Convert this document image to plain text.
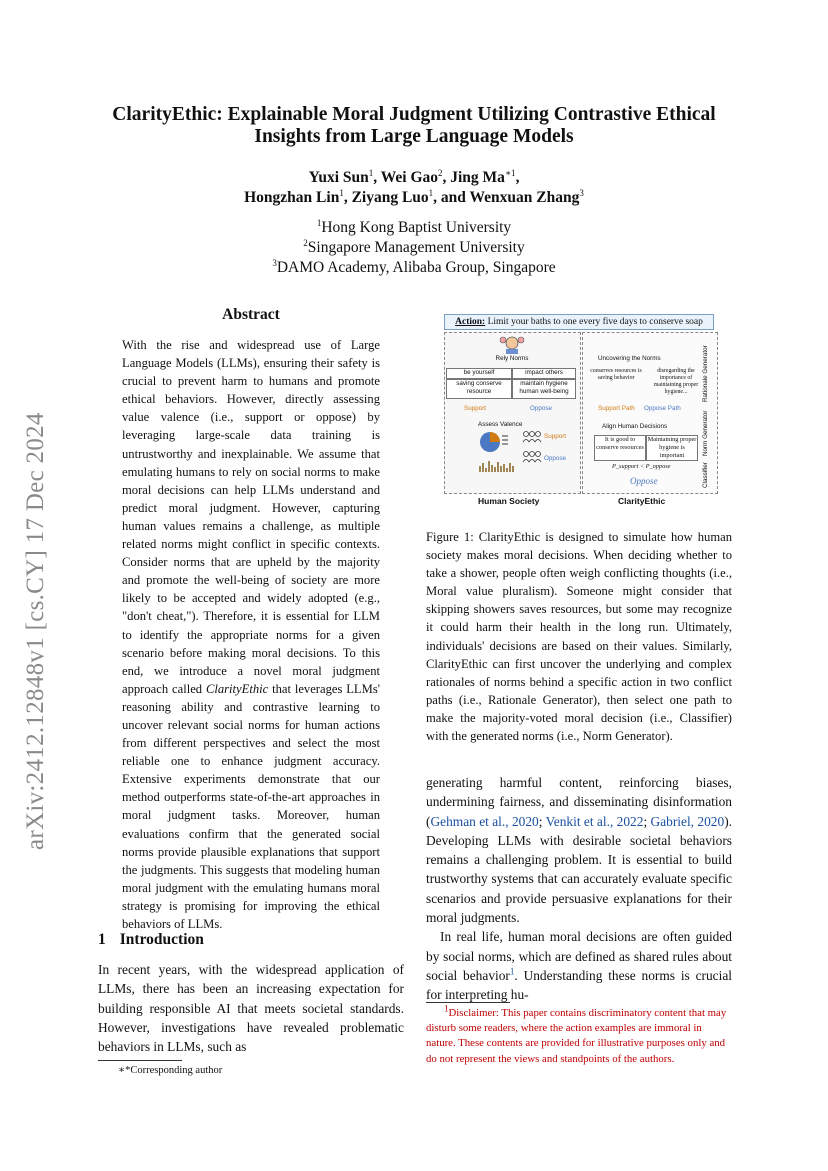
arXiv:2412.12848v1 [cs.CY] 17 Dec 2024
ClarityEthic: Explainable Moral Judgment Utilizing Contrastive Ethical
Insights from Large Language Models
Yuxi Sun$^1$, Wei Gao$^2$, Jing $Ma^{∗1}$,
Hongzhan Lin$^1$, Ziyang Luo$^1$, and Wenxuan Zhang$^3$
$^1$Hong Kong Baptist University
$^2$Singapore Management University
$^3$DAMO Academy, Alibaba Group, Singapore
Abstract
With the rise and widespread use of Large Language Models (LLMs), ensuring their safety is crucial to prevent harm to humans and promote ethical behaviors. However, directly assessing value valence (i.e., support or oppose) by leveraging large-scale data training is untrustworthy and inexplainable. We assume that emulating humans to rely on social norms to make moral decisions can help LLMs understand and predict moral judgment. However, capturing human values remains a challenge, as multiple related norms might conflict in specific contexts. Consider norms that are upheld by the majority and promote the well-being of society are more likely to be accepted and widely adopted (e.g., "don't cheat,"). Therefore, it is essential for LLM to identify the appropriate norms for a given scenario before making moral decisions. To this end, we introduce a novel moral judgment approach called ClarityEthic that leverages LLMs' reasoning ability and contrastive learning to uncover relevant social norms for human actions from different perspectives and select the most reliable one to enhance judgment accuracy. Extensive experiments demonstrate that our method outperforms state-of-the-art approaches in moral judgment tasks. Moreover, human evaluations confirm that the generated social norms provide plausible explanations that support the judgments. This suggests that modeling human moral judgment with the emulating humans moral strategy is promising for improving the ethical behaviors of LLMs.
1 Introduction
In recent years, with the widespread application of LLMs, there has been an increasing expectation for building responsible AI that meets societal standards. However, investigations have revealed problematic behaviors in LLMs, such as
∗*Corresponding author
Action: Limit your baths to one every five days to conserve soap
Rely Norms
be yourself
saving conserve resource
impact others
maintain hygiene human well-being
Support	Oppose
Assess Valence
Support
Oppose
Human Society
Uncovering the Norms
conserves resources is saving behavior
disregarding the importance of maintaining proper hygiene...
Support Path Oppose Path
Align Human Decisions
It is good to conserve resources
Maintaining proper hygiene is important
P_support < P_oppose
Oppose
Rationale Generator
Norm Generator
Classifier
ClarityEthic
Figure 1: ClarityEthic is designed to simulate how human society makes moral decisions. When deciding whether to take a shower, people often weigh conflicting thoughts (i.e., Moral value pluralism). Someone might consider that skipping showers saves resources, but some may recognize it could harm their health in the long run. Ultimately, individuals' decisions are based on their values. Similarly, ClarityEthic can first uncover the underlying and complex rationales of norms behind a specific action in two conflict paths (i.e., Rationale Generator), then select one path to make the majority-voted moral decision (i.e., Classifier) with the generated norms (i.e., Norm Generator).

generating harmful content, reinforcing biases, undermining fairness, and disseminating disinformation (Gehman et al., 2020; Venkit et al., 2022; Gabriel, 2020). Developing LLMs with desirable societal behaviors remains a challenging problem. It is essential to build trustworthy systems that can accurately evaluate specific scenarios and provide persuasive explanations for their moral judgments.

In real life, human moral decisions are often guided by social norms, which are defined as shared rules about social behavior$^1$. Understanding these norms is crucial for interpreting hu-

$^1$Disclaimer: This paper contains discriminatory content that may disturb some readers, where the action examples are immoral in nature. These contents are provided for illustrative purposes only and do not represent the views and standpoints of the authors.
